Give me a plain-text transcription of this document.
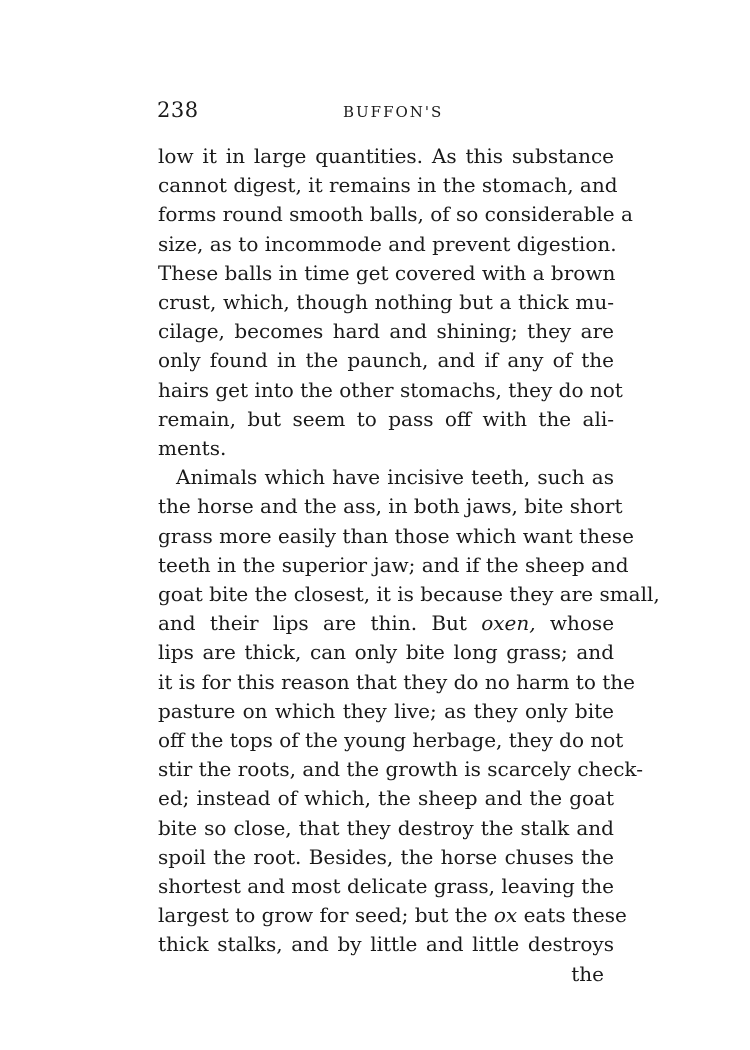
238	BUFFON'S
low it in large quantities. As this substance
cannot digest, it remains in the stomach, and
forms round smooth balls, of so considerable a
size, as to incommode and prevent digestion.
These balls in time get covered with a brown
crust, which, though nothing but a thick mu-
cilage, becomes hard and shining; they are
only found in the paunch, and if any of the
hairs get into the other stomachs, they do not
remain, but seem to pass off with the ali-
ments.
Animals which have incisive teeth, such as
the horse and the ass, in both jaws, bite short
grass more easily than those which want these
teeth in the superior jaw; and if the sheep and
goat bite the closest, it is because they are small,
and their lips are thin. But oxen, whose
lips are thick, can only bite long grass; and
it is for this reason that they do no harm to the
pasture on which they live; as they only bite
off the tops of the young herbage, they do not
stir the roots, and the growth is scarcely check-
ed; instead of which, the sheep and the goat
bite so close, that they destroy the stalk and
spoil the root. Besides, the horse chuses the
shortest and most delicate grass, leaving the
largest to grow for seed; but the ox eats these
thick stalks, and by little and little destroys
the
